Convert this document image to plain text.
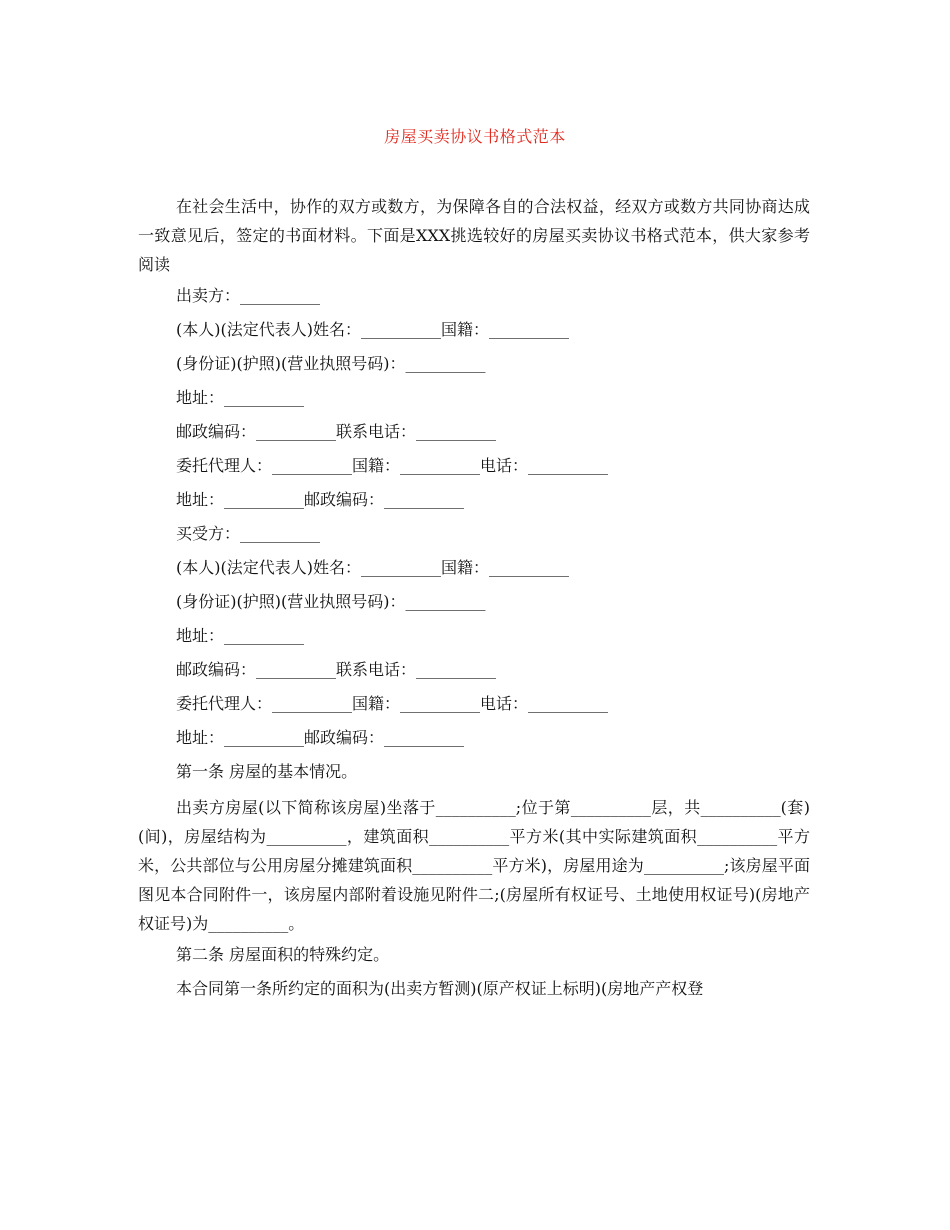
房屋买卖协议书格式范本

在社会生活中，协作的双方或数方，为保障各自的合法权益，经双方或数方共同协商达成一致意见后，签定的书面材料。下面是XXX挑选较好的房屋买卖协议书格式范本，供大家参考阅读

出卖方：__________

(本人)(法定代表人)姓名：__________国籍：__________

(身份证)(护照)(营业执照号码)：__________

地址：__________

邮政编码：__________联系电话：__________

委托代理人：__________国籍：__________电话：__________

地址：__________邮政编码：__________

买受方：__________

(本人)(法定代表人)姓名：__________国籍：__________

(身份证)(护照)(营业执照号码)：__________

地址：__________

邮政编码：__________联系电话：__________

委托代理人：__________国籍：__________电话：__________

地址：__________邮政编码：__________

第一条 房屋的基本情况。

出卖方房屋(以下简称该房屋)坐落于__________;位于第__________层，共__________(套)(间)，房屋结构为__________，建筑面积__________平方米(其中实际建筑面积__________平方米，公共部位与公用房屋分摊建筑面积__________平方米)，房屋用途为__________;该房屋平面图见本合同附件一，该房屋内部附着设施见附件二;(房屋所有权证号、土地使用权证号)(房地产权证号)为__________。

第二条 房屋面积的特殊约定。

本合同第一条所约定的面积为(出卖方暂测)(原产权证上标明)(房地产产权登
